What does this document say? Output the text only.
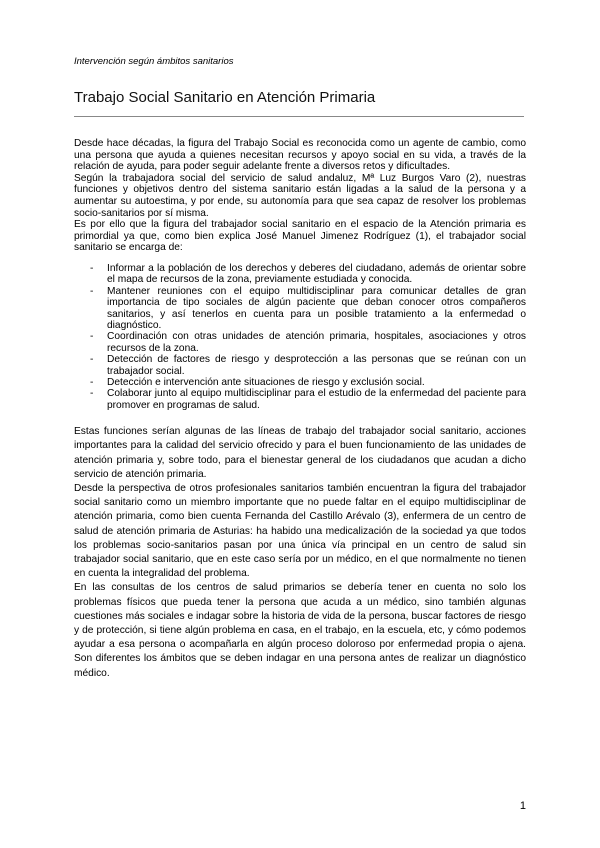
Intervención según ámbitos sanitarios
Trabajo Social Sanitario en Atención Primaria

Desde hace décadas, la figura del Trabajo Social es reconocida como un agente de cambio, como una persona que ayuda a quienes necesitan recursos y apoyo social en su vida, a través de la relación de ayuda, para poder seguir adelante frente a diversos retos y dificultades.

Según la trabajadora social del servicio de salud andaluz, Mª Luz Burgos Varo (2), nuestras funciones y objetivos dentro del sistema sanitario están ligadas a la salud de la persona y a aumentar su autoestima, y por ende, su autonomía para que sea capaz de resolver los problemas socio-sanitarios por sí misma.

Es por ello que la figura del trabajador social sanitario en el espacio de la Atención primaria es primordial ya que, como bien explica José Manuel Jimenez Rodríguez (1), el trabajador social sanitario se encarga de:

- Informar a la población de los derechos y deberes del ciudadano, además de orientar sobre el mapa de recursos de la zona, previamente estudiada y conocida.
- Mantener reuniones con el equipo multidisciplinar para comunicar detalles de gran importancia de tipo sociales de algún paciente que deban conocer otros compañeros sanitarios, y así tenerlos en cuenta para un posible tratamiento a la enfermedad o diagnóstico.
- Coordinación con otras unidades de atención primaria, hospitales, asociaciones y otros recursos de la zona.
- Detección de factores de riesgo y desprotección a las personas que se reúnan con un trabajador social.
- Detección e intervención ante situaciones de riesgo y exclusión social.
- Colaborar junto al equipo multidisciplinar para el estudio de la enfermedad del paciente para promover en programas de salud.

Estas funciones serían algunas de las líneas de trabajo del trabajador social sanitario, acciones importantes para la calidad del servicio ofrecido y para el buen funcionamiento de las unidades de atención primaria y, sobre todo, para el bienestar general de los ciudadanos que acudan a dicho servicio de atención primaria.

Desde la perspectiva de otros profesionales sanitarios también encuentran la figura del trabajador social sanitario como un miembro importante que no puede faltar en el equipo multidisciplinar de atención primaria, como bien cuenta Fernanda del Castillo Arévalo (3), enfermera de un centro de salud de atención primaria de Asturias: ha habido una medicalización de la sociedad ya que todos los problemas socio-sanitarios pasan por una única vía principal en un centro de salud sin trabajador social sanitario, que en este caso sería por un médico, en el que normalmente no tienen en cuenta la integralidad del problema.

En las consultas de los centros de salud primarios se debería tener en cuenta no solo los problemas físicos que pueda tener la persona que acuda a un médico, sino también algunas cuestiones más sociales e indagar sobre la historia de vida de la persona, buscar factores de riesgo y de protección, si tiene algún problema en casa, en el trabajo, en la escuela, etc, y cómo podemos ayudar a esa persona o acompañarla en algún proceso doloroso por enfermedad propia o ajena. Son diferentes los ámbitos que se deben indagar en una persona antes de realizar un diagnóstico médico.

1
